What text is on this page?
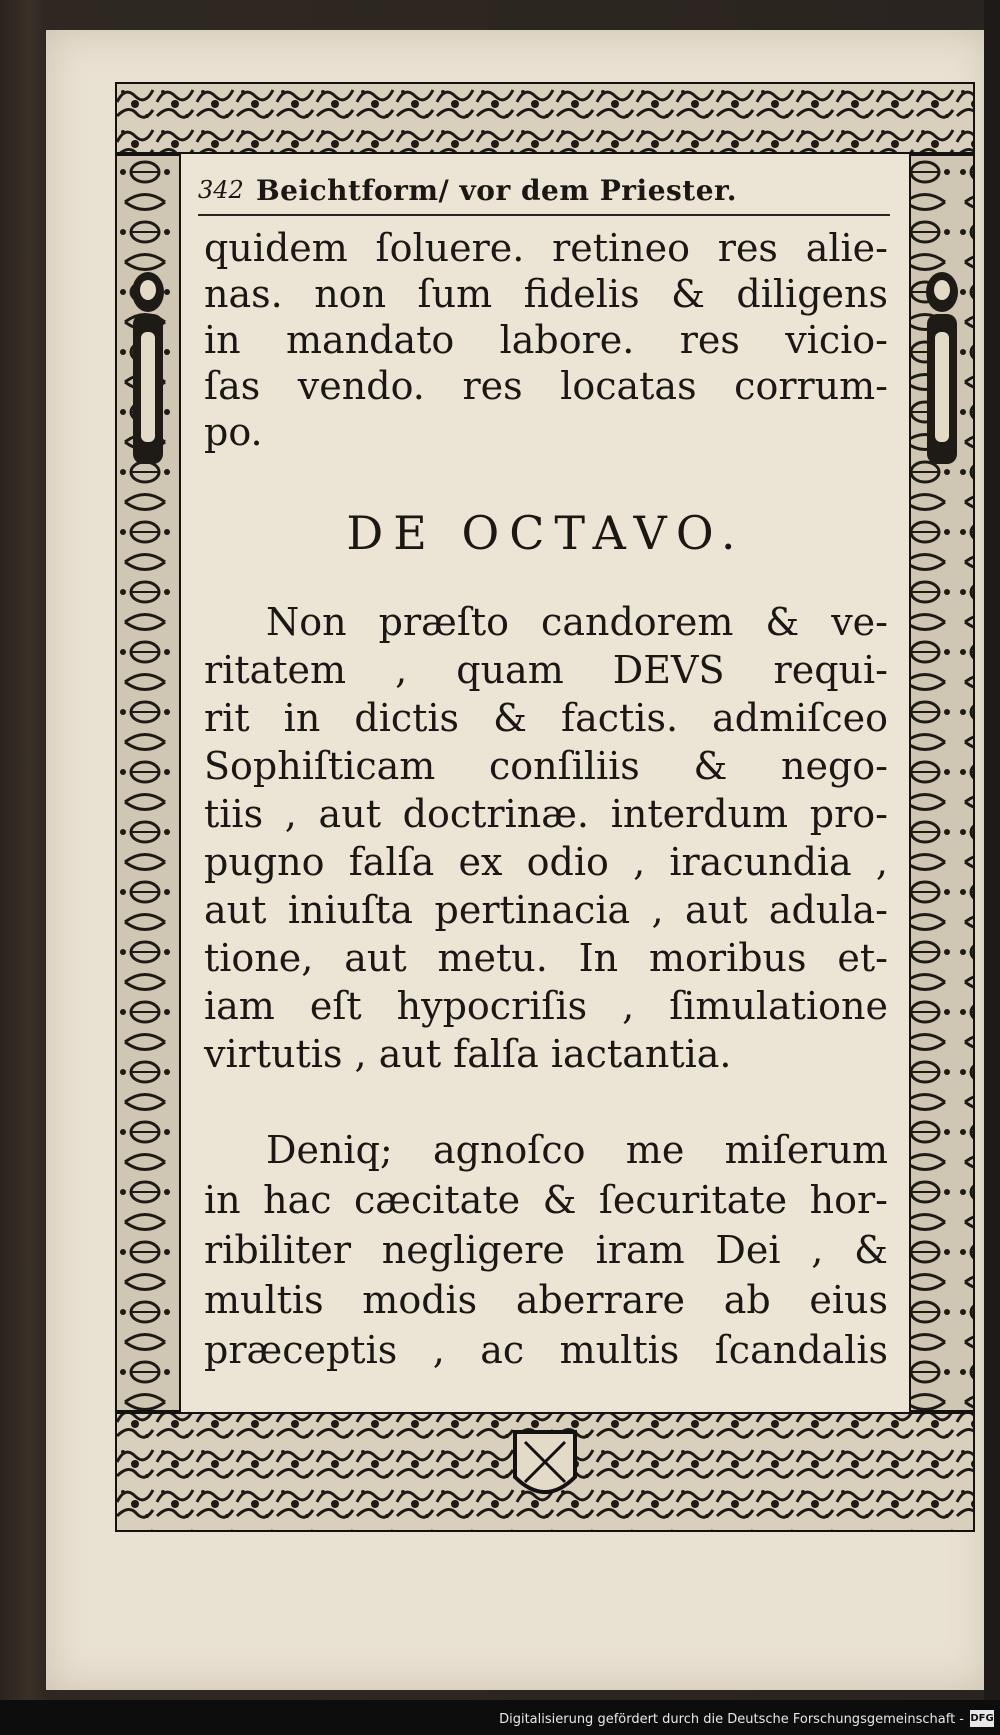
342 Beichtform/ vor dem Priester.
quidem ſoluere. retineo res alie‐
nas. non ſum fidelis & diligens
in mandato labore. res vicio‐
ſas vendo. res locatas corrum‐
po.
DE OCTAVO.
Non præſto candorem & ve‐
ritatem , quam DEVS requi‐
rit in dictis & factis. admiſceo
Sophiſticam conſiliis & nego‐
tiis , aut doctrinæ. interdum pro‐
pugno falſa ex odio , iracundia ,
aut iniuſta pertinacia , aut adula‐
tione, aut metu. In moribus et‐
iam eſt hypocriſis , ſimulatione
virtutis , aut falſa iactantia.
Deniq; agnoſco me miſerum
in hac cæcitate & ſecuritate hor‐
ribiliter negligere iram Dei , &
multis modis aberrare ab eius
præceptis , ac multis ſcandalis
Digitalisierung gefördert durch die Deutsche Forschungsgemeinschaft - DFG
